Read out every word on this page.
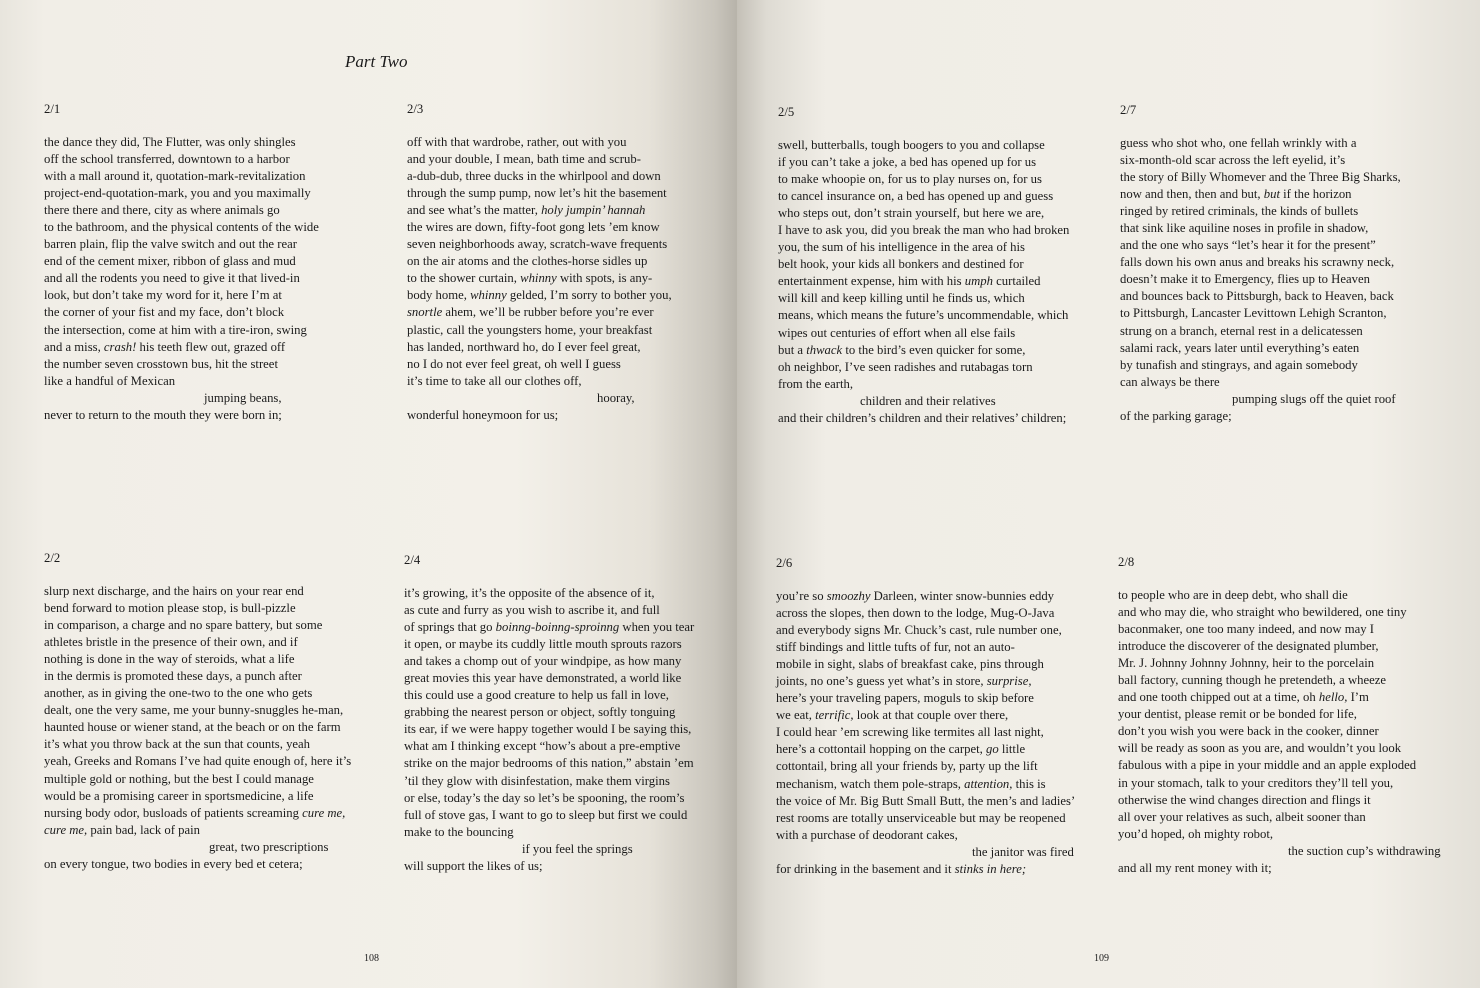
Part Two
2/1
the dance they did, The Flutter, was only shingles
off the school transferred, downtown to a harbor
with a mall around it, quotation-mark-revitalization
project-end-quotation-mark, you and you maximally
there there and there, city as where animals go
to the bathroom, and the physical contents of the wide
barren plain, flip the valve switch and out the rear
end of the cement mixer, ribbon of glass and mud
and all the rodents you need to give it that lived-in
look, but don’t take my word for it, here I’m at
the corner of your fist and my face, don’t block
the intersection, come at him with a tire-iron, swing
and a miss, crash! his teeth flew out, grazed off
the number seven crosstown bus, hit the street
like a handful of Mexican
jumping beans,
never to return to the mouth they were born in;
2/3
off with that wardrobe, rather, out with you
and your double, I mean, bath time and scrub-
a-dub-dub, three ducks in the whirlpool and down
through the sump pump, now let’s hit the basement
and see what’s the matter, holy jumpin’ hannah
the wires are down, fifty-foot gong lets ’em know
seven neighborhoods away, scratch-wave frequents
on the air atoms and the clothes-horse sidles up
to the shower curtain, whinny with spots, is any-
body home, whinny gelded, I’m sorry to bother you,
snortle ahem, we’ll be rubber before you’re ever
plastic, call the youngsters home, your breakfast
has landed, northward ho, do I ever feel great,
no I do not ever feel great, oh well I guess
it’s time to take all our clothes off,
hooray,
wonderful honeymoon for us;
2/2
slurp next discharge, and the hairs on your rear end
bend forward to motion please stop, is bull-pizzle
in comparison, a charge and no spare battery, but some
athletes bristle in the presence of their own, and if
nothing is done in the way of steroids, what a life
in the dermis is promoted these days, a punch after
another, as in giving the one-two to the one who gets
dealt, one the very same, me your bunny-snuggles he-man,
haunted house or wiener stand, at the beach or on the farm
it’s what you throw back at the sun that counts, yeah
yeah, Greeks and Romans I’ve had quite enough of, here it’s
multiple gold or nothing, but the best I could manage
would be a promising career in sportsmedicine, a life
nursing body odor, busloads of patients screaming cure me,
cure me, pain bad, lack of pain
great, two prescriptions
on every tongue, two bodies in every bed et cetera;
2/4
it’s growing, it’s the opposite of the absence of it,
as cute and furry as you wish to ascribe it, and full
of springs that go boinng-boinng-sproinng when you tear
it open, or maybe its cuddly little mouth sprouts razors
and takes a chomp out of your windpipe, as how many
great movies this year have demonstrated, a world like
this could use a good creature to help us fall in love,
grabbing the nearest person or object, softly tonguing
its ear, if we were happy together would I be saying this,
what am I thinking except “how’s about a pre-emptive
strike on the major bedrooms of this nation,” abstain ’em
’til they glow with disinfestation, make them virgins
or else, today’s the day so let’s be spooning, the room’s
full of stove gas, I want to go to sleep but first we could
make to the bouncing
if you feel the springs
will support the likes of us;
108
2/5
swell, butterballs, tough boogers to you and collapse
if you can’t take a joke, a bed has opened up for us
to make whoopie on, for us to play nurses on, for us
to cancel insurance on, a bed has opened up and guess
who steps out, don’t strain yourself, but here we are,
I have to ask you, did you break the man who had broken
you, the sum of his intelligence in the area of his
belt hook, your kids all bonkers and destined for
entertainment expense, him with his umph curtailed
will kill and keep killing until he finds us, which
means, which means the future’s uncommendable, which
wipes out centuries of effort when all else fails
but a thwack to the bird’s even quicker for some,
oh neighbor, I’ve seen radishes and rutabagas torn
from the earth,
children and their relatives
and their children’s children and their relatives’ children;
2/7
guess who shot who, one fellah wrinkly with a
six-month-old scar across the left eyelid, it’s
the story of Billy Whomever and the Three Big Sharks,
now and then, then and but, but if the horizon
ringed by retired criminals, the kinds of bullets
that sink like aquiline noses in profile in shadow,
and the one who says “let’s hear it for the present”
falls down his own anus and breaks his scrawny neck,
doesn’t make it to Emergency, flies up to Heaven
and bounces back to Pittsburgh, back to Heaven, back
to Pittsburgh, Lancaster Levittown Lehigh Scranton,
strung on a branch, eternal rest in a delicatessen
salami rack, years later until everything’s eaten
by tunafish and stingrays, and again somebody
can always be there
pumping slugs off the quiet roof
of the parking garage;
2/6
you’re so smoozhy Darleen, winter snow-bunnies eddy
across the slopes, then down to the lodge, Mug-O-Java
and everybody signs Mr. Chuck’s cast, rule number one,
stiff bindings and little tufts of fur, not an auto-
mobile in sight, slabs of breakfast cake, pins through
joints, no one’s guess yet what’s in store, surprise,
here’s your traveling papers, moguls to skip before
we eat, terrific, look at that couple over there,
I could hear ’em screwing like termites all last night,
here’s a cottontail hopping on the carpet, go little
cottontail, bring all your friends by, party up the lift
mechanism, watch them pole-straps, attention, this is
the voice of Mr. Big Butt Small Butt, the men’s and ladies’
rest rooms are totally unserviceable but may be reopened
with a purchase of deodorant cakes,
the janitor was fired
for drinking in the basement and it stinks in here;
2/8
to people who are in deep debt, who shall die
and who may die, who straight who bewildered, one tiny
baconmaker, one too many indeed, and now may I
introduce the discoverer of the designated plumber,
Mr. J. Johnny Johnny Johnny, heir to the porcelain
ball factory, cunning though he pretendeth, a wheeze
and one tooth chipped out at a time, oh hello, I’m
your dentist, please remit or be bonded for life,
don’t you wish you were back in the cooker, dinner
will be ready as soon as you are, and wouldn’t you look
fabulous with a pipe in your middle and an apple exploded
in your stomach, talk to your creditors they’ll tell you,
otherwise the wind changes direction and flings it
all over your relatives as such, albeit sooner than
you’d hoped, oh mighty robot,
the suction cup’s withdrawing
and all my rent money with it;
109
